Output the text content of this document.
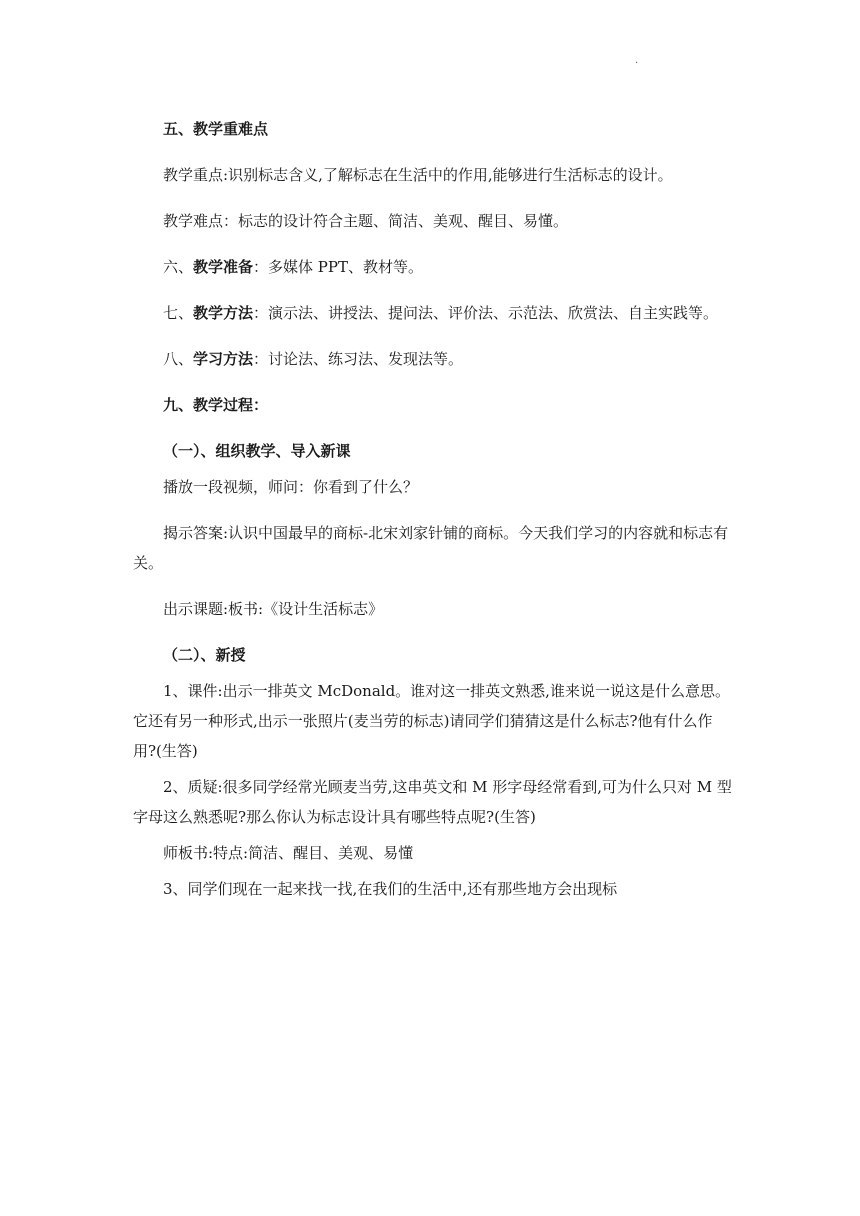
.

五、教学重难点

教学重点:识别标志含义,了解标志在生活中的作用,能够进行生活标志的设计。

教学难点：标志的设计符合主题、简洁、美观、醒目、易懂。

六、教学准备：多媒体 PPT、教材等。

七、教学方法：演示法、讲授法、提问法、评价法、示范法、欣赏法、自主实践等。

八、学习方法：讨论法、练习法、发现法等。

九、教学过程：

（一）、组织教学、导入新课

播放一段视频，师问：你看到了什么？

揭示答案:认识中国最早的商标-北宋刘家针铺的商标。今天我们学习的内容就和标志有关。

出示课题:板书:《设计生活标志》

（二）、新授

1、课件:出示一排英文 McDonald。谁对这一排英文熟悉,谁来说一说这是什么意思。它还有另一种形式,出示一张照片(麦当劳的标志)请同学们猜猜这是什么标志?他有什么作用?(生答)

2、质疑:很多同学经常光顾麦当劳,这串英文和 M 形字母经常看到,可为什么只对 M 型字母这么熟悉呢?那么你认为标志设计具有哪些特点呢?(生答)

师板书:特点:简洁、醒目、美观、易懂

3、同学们现在一起来找一找,在我们的生活中,还有那些地方会出现标
